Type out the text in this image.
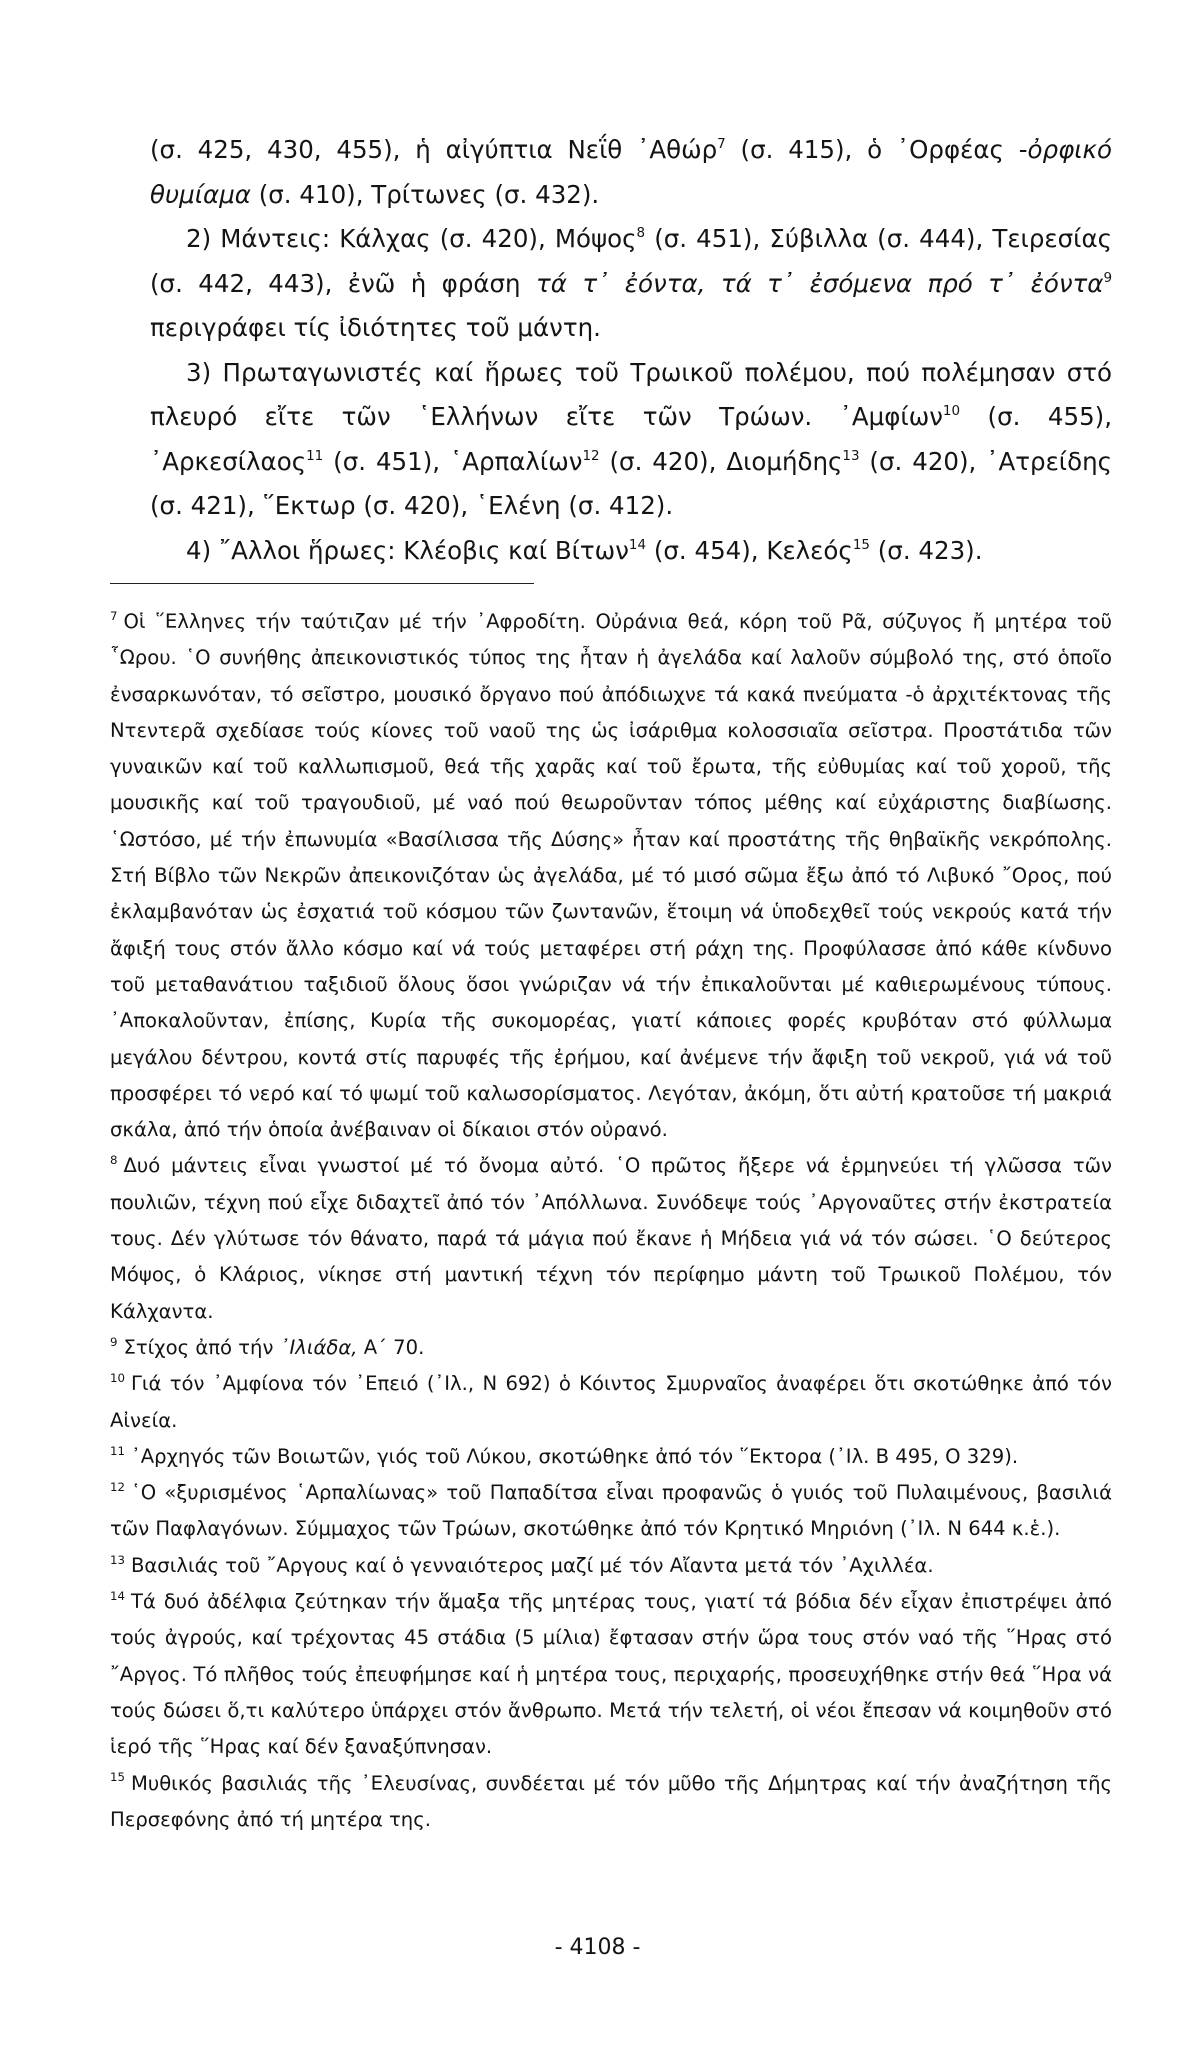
(σ. 425, 430, 455), ἡ αἰγύπτια Νεΐθ ᾿Αθώρ$^7$ (σ. 415), ὁ ᾿Ορφέας -ὀρφικό θυμίαμα (σ. 410), Τρίτωνες (σ. 432).

2) Μάντεις: Κάλχας (σ. 420), Μόψος$^8$ (σ. 451), Σύβιλλα (σ. 444), Τειρεσίας (σ. 442, 443), ἐνῶ ἡ φράση τά τ᾿ ἐόντα, τά τ᾿ ἐσόμενα πρό τ᾿ ἐόντα$^9$ περιγράφει τίς ἰδιότητες τοῦ μάντη.

3) Πρωταγωνιστές καί ἥρωες τοῦ Τρωικοῦ πολέμου, πού πολέμησαν στό πλευρό εἴτε τῶν ῾Ελλήνων εἴτε τῶν Τρώων. ᾿Αμφίων$^{10}$ (σ. 455), ᾿Αρκεσίλαος$^{11}$ (σ. 451), ῾Αρπαλίων$^{12}$ (σ. 420), Διομήδης$^{13}$ (σ. 420), ᾿Ατρείδης (σ. 421), ῞Εκτωρ (σ. 420), ῾Ελένη (σ. 412).

4) ῎Αλλοι ἥρωες: Κλέοβις καί Βίτων$^{14}$ (σ. 454), Κελεός$^{15}$ (σ. 423).

$^7$ Οἱ ῞Ελληνες τήν ταύτιζαν μέ τήν ᾿Αφροδίτη. Οὐράνια θεά, κόρη τοῦ Ρᾶ, σύζυγος ἤ μητέρα τοῦ ῟Ωρου. ῾Ο συνήθης ἀπεικονιστικός τύπος της ἦταν ἡ ἀγελάδα καί λαλοῦν σύμβολό της, στό ὁποῖο ἐνσαρκωνόταν, τό σεῖστρο, μουσικό ὄργανο πού ἀπόδιωχνε τά κακά πνεύματα -ὁ ἀρχιτέκτονας τῆς Ντεντερᾶ σχεδίασε τούς κίονες τοῦ ναοῦ της ὡς ἰσάριθμα κολοσσιαῖα σεῖστρα. Προστάτιδα τῶν γυναικῶν καί τοῦ καλλωπισμοῦ, θεά τῆς χαρᾶς καί τοῦ ἔρωτα, τῆς εὐθυμίας καί τοῦ χοροῦ, τῆς μουσικῆς καί τοῦ τραγουδιοῦ, μέ ναό πού θεωροῦνταν τόπος μέθης καί εὐχάριστης διαβίωσης. ῾Ωστόσο, μέ τήν ἐπωνυμία «Βασίλισσα τῆς Δύσης» ἦταν καί προστάτης τῆς θηβαϊκῆς νεκρόπολης. Στή Βίβλο τῶν Νεκρῶν ἀπεικονιζόταν ὡς ἀγελάδα, μέ τό μισό σῶμα ἔξω ἀπό τό Λιβυκό ῎Ορος, πού ἐκλαμβανόταν ὡς ἐσχατιά τοῦ κόσμου τῶν ζωντανῶν, ἕτοιμη νά ὑποδεχθεῖ τούς νεκρούς κατά τήν ἄφιξή τους στόν ἄλλο κόσμο καί νά τούς μεταφέρει στή ράχη της. Προφύλασσε ἀπό κάθε κίνδυνο τοῦ μεταθανάτιου ταξιδιοῦ ὅλους ὅσοι γνώριζαν νά τήν ἐπικαλοῦνται μέ καθιερωμένους τύπους. ᾿Αποκαλοῦνταν, ἐπίσης, Κυρία τῆς συκομορέας, γιατί κάποιες φορές κρυβόταν στό φύλλωμα μεγάλου δέντρου, κοντά στίς παρυφές τῆς ἐρήμου, καί ἀνέμενε τήν ἄφιξη τοῦ νεκροῦ, γιά νά τοῦ προσφέρει τό νερό καί τό ψωμί τοῦ καλωσορίσματος. Λεγόταν, ἀκόμη, ὅτι αὐτή κρατοῦσε τή μακριά σκάλα, ἀπό τήν ὁποία ἀνέβαιναν οἱ δίκαιοι στόν οὐρανό.

$^8$ Δυό μάντεις εἶναι γνωστοί μέ τό ὄνομα αὐτό. ῾Ο πρῶτος ἤξερε νά ἑρμηνεύει τή γλῶσσα τῶν πουλιῶν, τέχνη πού εἶχε διδαχτεῖ ἀπό τόν ᾿Απόλλωνα. Συνόδεψε τούς ᾿Αργοναῦτες στήν ἐκστρατεία τους. Δέν γλύτωσε τόν θάνατο, παρά τά μάγια πού ἔκανε ἡ Μήδεια γιά νά τόν σώσει. ῾Ο δεύτερος Μόψος, ὁ Κλάριος, νίκησε στή μαντική τέχνη τόν περίφημο μάντη τοῦ Τρωικοῦ Πολέμου, τόν Κάλχαντα.

$^9$ Στίχος ἀπό τήν ᾿Ιλιάδα, Α΄ 70.

$^{10}$ Γιά τόν ᾿Αμφίονα τόν ᾿Επειό (᾿Ιλ., Ν 692) ὁ Κόιντος Σμυρναῖος ἀναφέρει ὅτι σκοτώθηκε ἀπό τόν Αἰνεία.

$^{11}$ ᾿Αρχηγός τῶν Βοιωτῶν, γιός τοῦ Λύκου, σκοτώθηκε ἀπό τόν ῞Εκτορα (᾿Ιλ. Β 495, Ο 329).

$^{12}$ ῾Ο «ξυρισμένος ῾Αρπαλίωνας» τοῦ Παπαδίτσα εἶναι προφανῶς ὁ γυιός τοῦ Πυλαιμένους, βασιλιά τῶν Παφλαγόνων. Σύμμαχος τῶν Τρώων, σκοτώθηκε ἀπό τόν Κρητικό Μηριόνη (᾿Ιλ. Ν 644 κ.ἑ.).

$^{13}$ Βασιλιάς τοῦ ῎Αργους καί ὁ γενναιότερος μαζί μέ τόν Αἴαντα μετά τόν ᾿Αχιλλέα.

$^{14}$ Τά δυό ἀδέλφια ζεύτηκαν τήν ἅμαξα τῆς μητέρας τους, γιατί τά βόδια δέν εἶχαν ἐπιστρέψει ἀπό τούς ἀγρούς, καί τρέχοντας 45 στάδια (5 μίλια) ἔφτασαν στήν ὥρα τους στόν ναό τῆς ῞Ηρας στό ῎Αργος. Τό πλῆθος τούς ἐπευφήμησε καί ἡ μητέρα τους, περιχαρής, προσευχήθηκε στήν θεά ῞Ηρα νά τούς δώσει ὅ,τι καλύτερο ὑπάρχει στόν ἄνθρωπο. Μετά τήν τελετή, οἱ νέοι ἔπεσαν νά κοιμηθοῦν στό ἱερό τῆς ῞Ηρας καί δέν ξαναξύπνησαν.

$^{15}$ Μυθικός βασιλιάς τῆς ᾿Ελευσίνας, συνδέεται μέ τόν μῦθο τῆς Δήμητρας καί τήν ἀναζήτηση τῆς Περσεφόνης ἀπό τή μητέρα της.

- 4108 -
